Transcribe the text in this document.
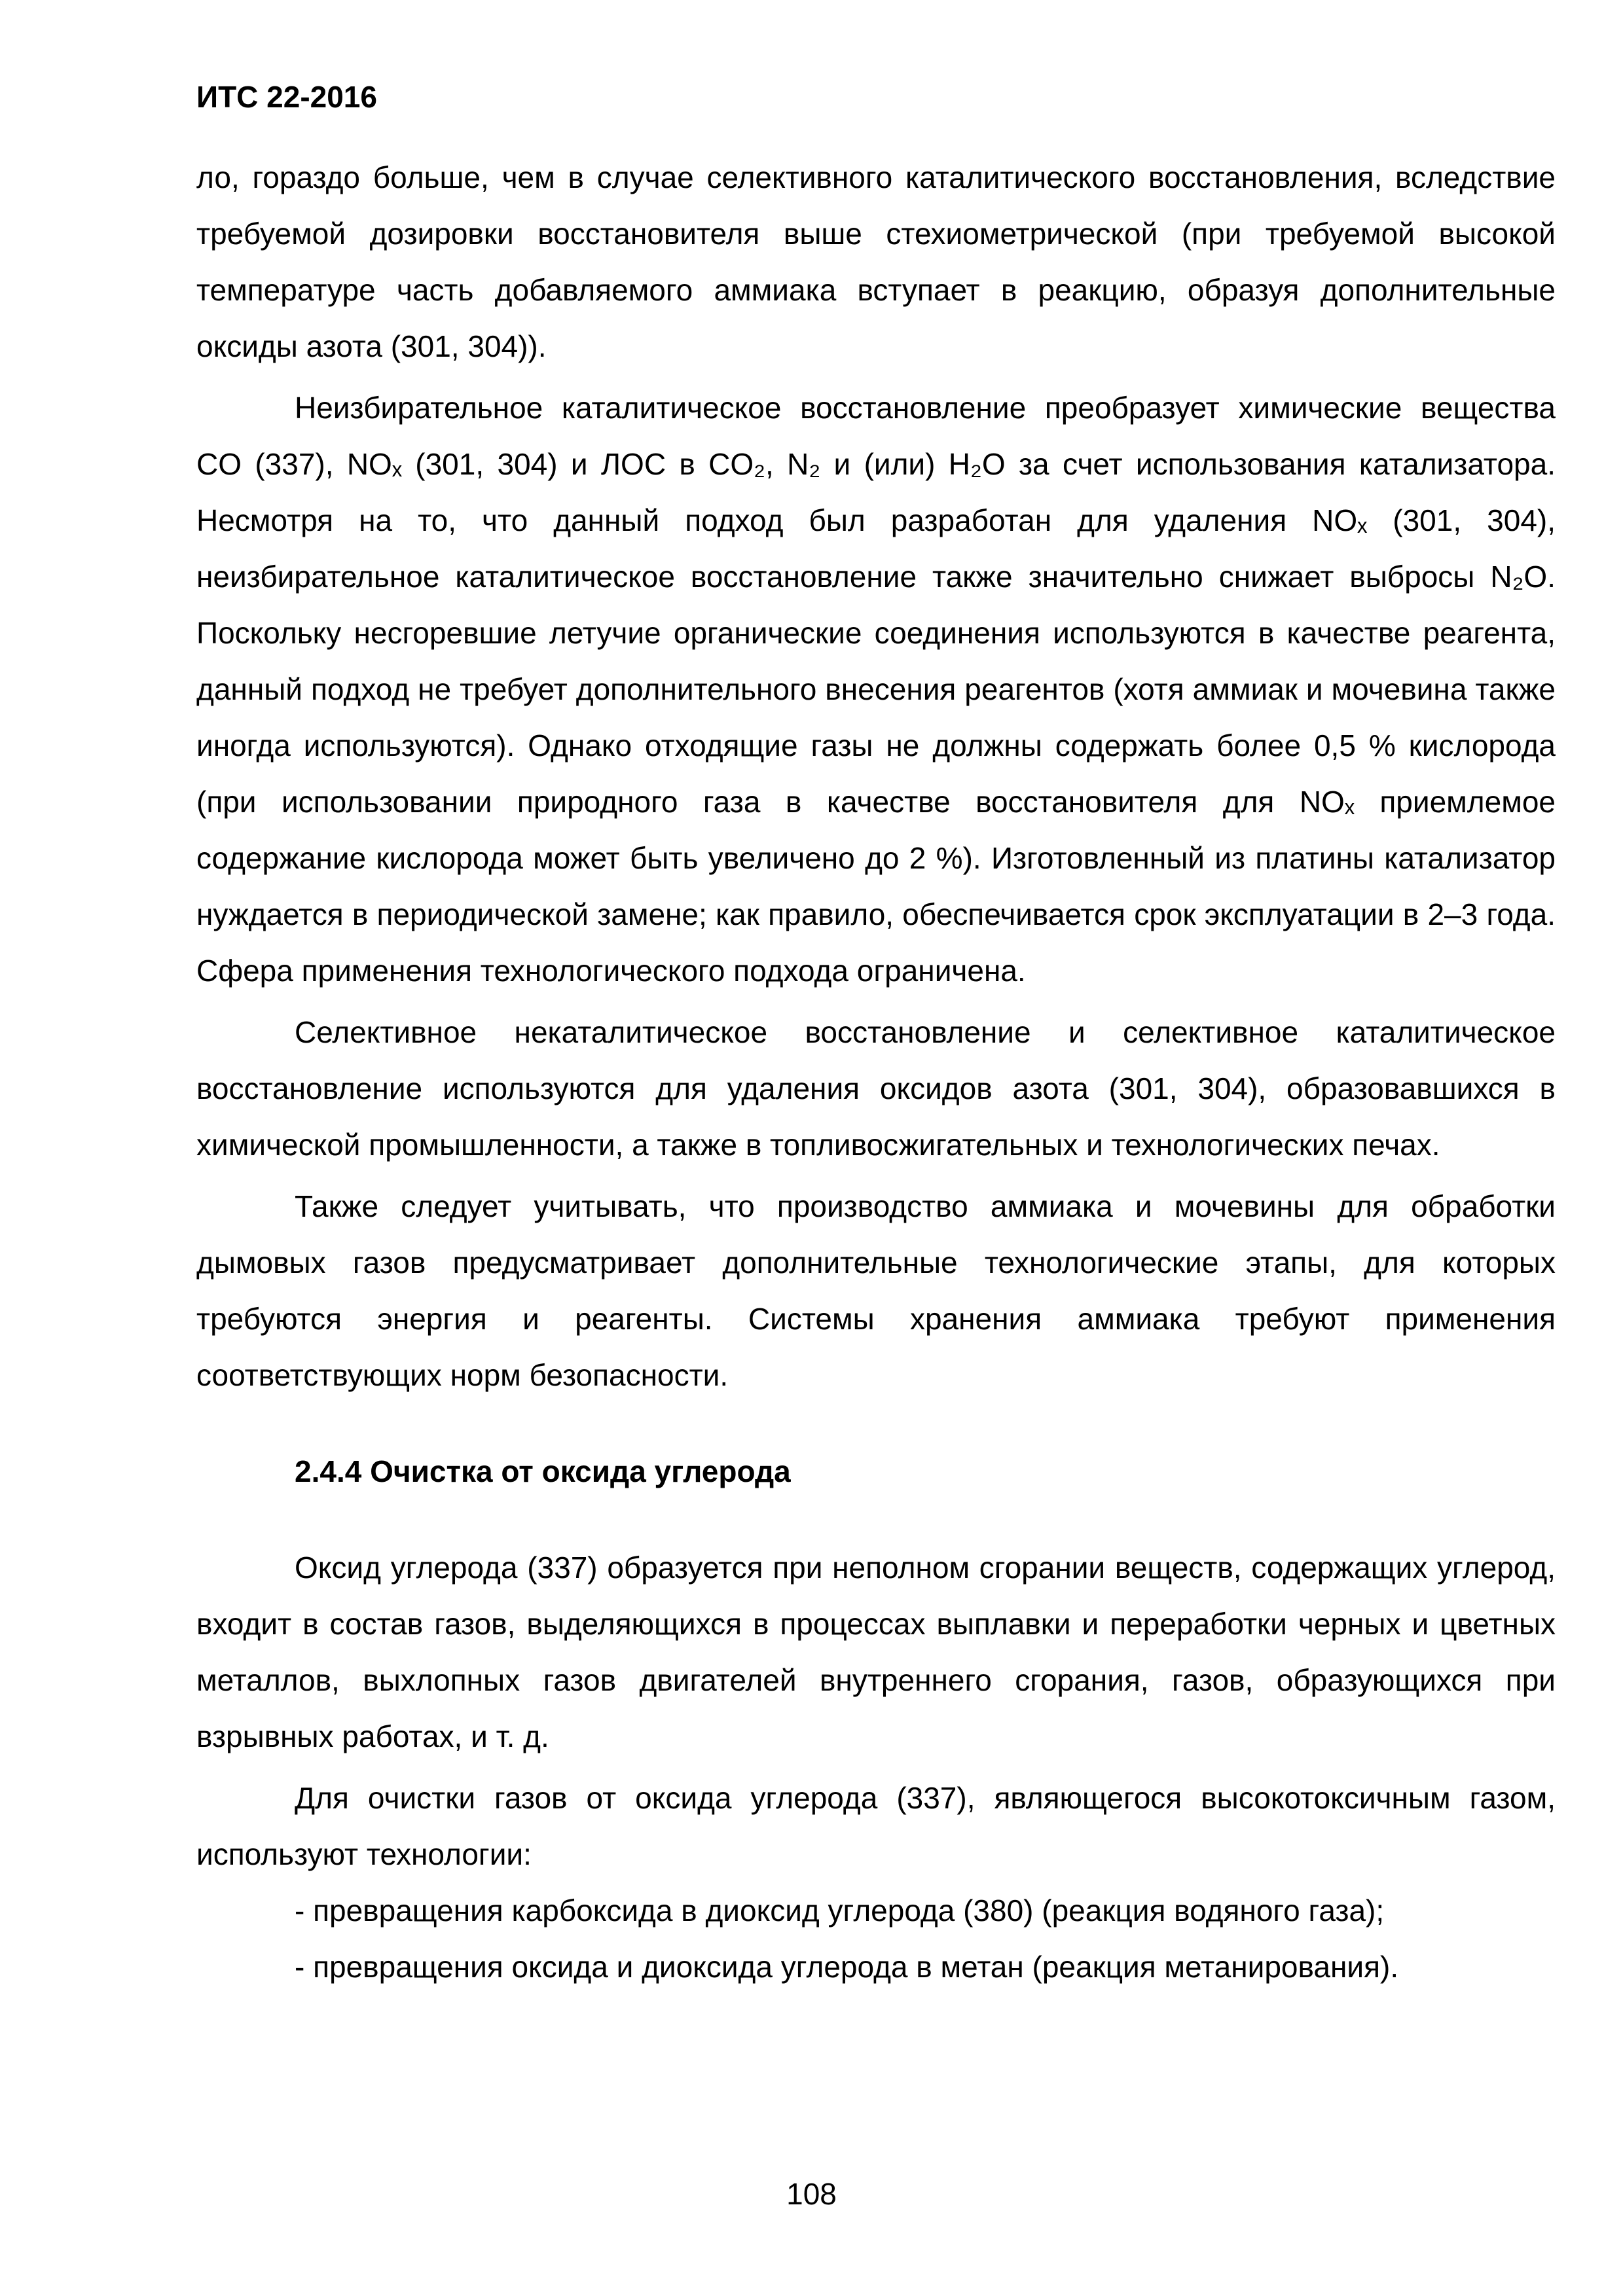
ИТС 22-2016

ло, гораздо больше, чем в случае селективного каталитического восстановления, вследствие требуемой дозировки восстановителя выше стехиометрической (при требуемой высокой температуре часть добавляемого аммиака вступает в реакцию, образуя дополнительные оксиды азота (301, 304)).

Неизбирательное каталитическое восстановление преобразует химические вещества CO (337), NOₓ (301, 304) и ЛОС в CO₂, N₂ и (или) H₂O за счет использования катализатора. Несмотря на то, что данный подход был разработан для удаления NOₓ (301, 304), неизбирательное каталитическое восстановление также значительно снижает выбросы N₂O. Поскольку несгоревшие летучие органические соединения используются в качестве реагента, данный подход не требует дополнительного внесения реагентов (хотя аммиак и мочевина также иногда используются). Однако отходящие газы не должны содержать более 0,5 % кислорода (при использовании природного газа в качестве восстановителя для NOₓ приемлемое содержание кислорода может быть увеличено до 2 %). Изготовленный из платины катализатор нуждается в периодической замене; как правило, обеспечивается срок эксплуатации в 2–3 года. Сфера применения технологического подхода ограничена.

Селективное некаталитическое восстановление и селективное каталитическое восстановление используются для удаления оксидов азота (301, 304), образовавшихся в химической промышленности, а также в топливосжигательных и технологических печах.

Также следует учитывать, что производство аммиака и мочевины для обработки дымовых газов предусматривает дополнительные технологические этапы, для которых требуются энергия и реагенты. Системы хранения аммиака требуют применения соответствующих норм безопасности.

2.4.4 Очистка от оксида углерода

Оксид углерода (337) образуется при неполном сгорании веществ, содержащих углерод, входит в состав газов, выделяющихся в процессах выплавки и переработки черных и цветных металлов, выхлопных газов двигателей внутреннего сгорания, газов, образующихся при взрывных работах, и т. д.

Для очистки газов от оксида углерода (337), являющегося высокотоксичным газом, используют технологии:

- превращения карбоксида в диоксид углерода (380) (реакция водяного газа);

- превращения оксида и диоксида углерода в метан (реакция метанирования).

108
